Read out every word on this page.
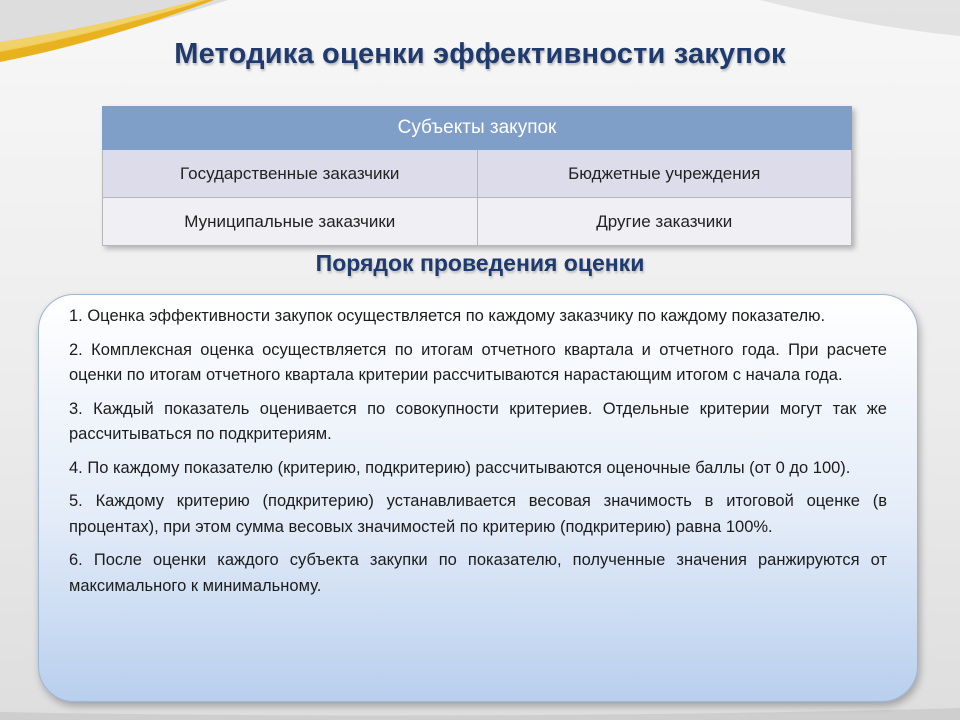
Методика оценки эффективности закупок
Субъекты закупок	
Государственные заказчики	Бюджетные учреждения
Муниципальные заказчики	Другие заказчики
Порядок проведения оценки

1. Оценка эффективности закупок осуществляется по каждому заказчику по каждому показателю.

2. Комплексная оценка осуществляется по итогам отчетного квартала и отчетного года. При расчете оценки по итогам отчетного квартала критерии рассчитываются нарастающим итогом с начала года.

3. Каждый показатель оценивается по совокупности критериев. Отдельные критерии могут так же рассчитываться по подкритериям.

4. По каждому показателю (критерию, подкритерию) рассчитываются оценочные баллы (от 0 до 100).

5. Каждому критерию (подкритерию) устанавливается весовая значимость в итоговой оценке (в процентах), при этом сумма весовых значимостей по критерию (подкритерию) равна 100%.

6. После оценки каждого субъекта закупки по показателю, полученные значения ранжируются от максимального к минимальному.
